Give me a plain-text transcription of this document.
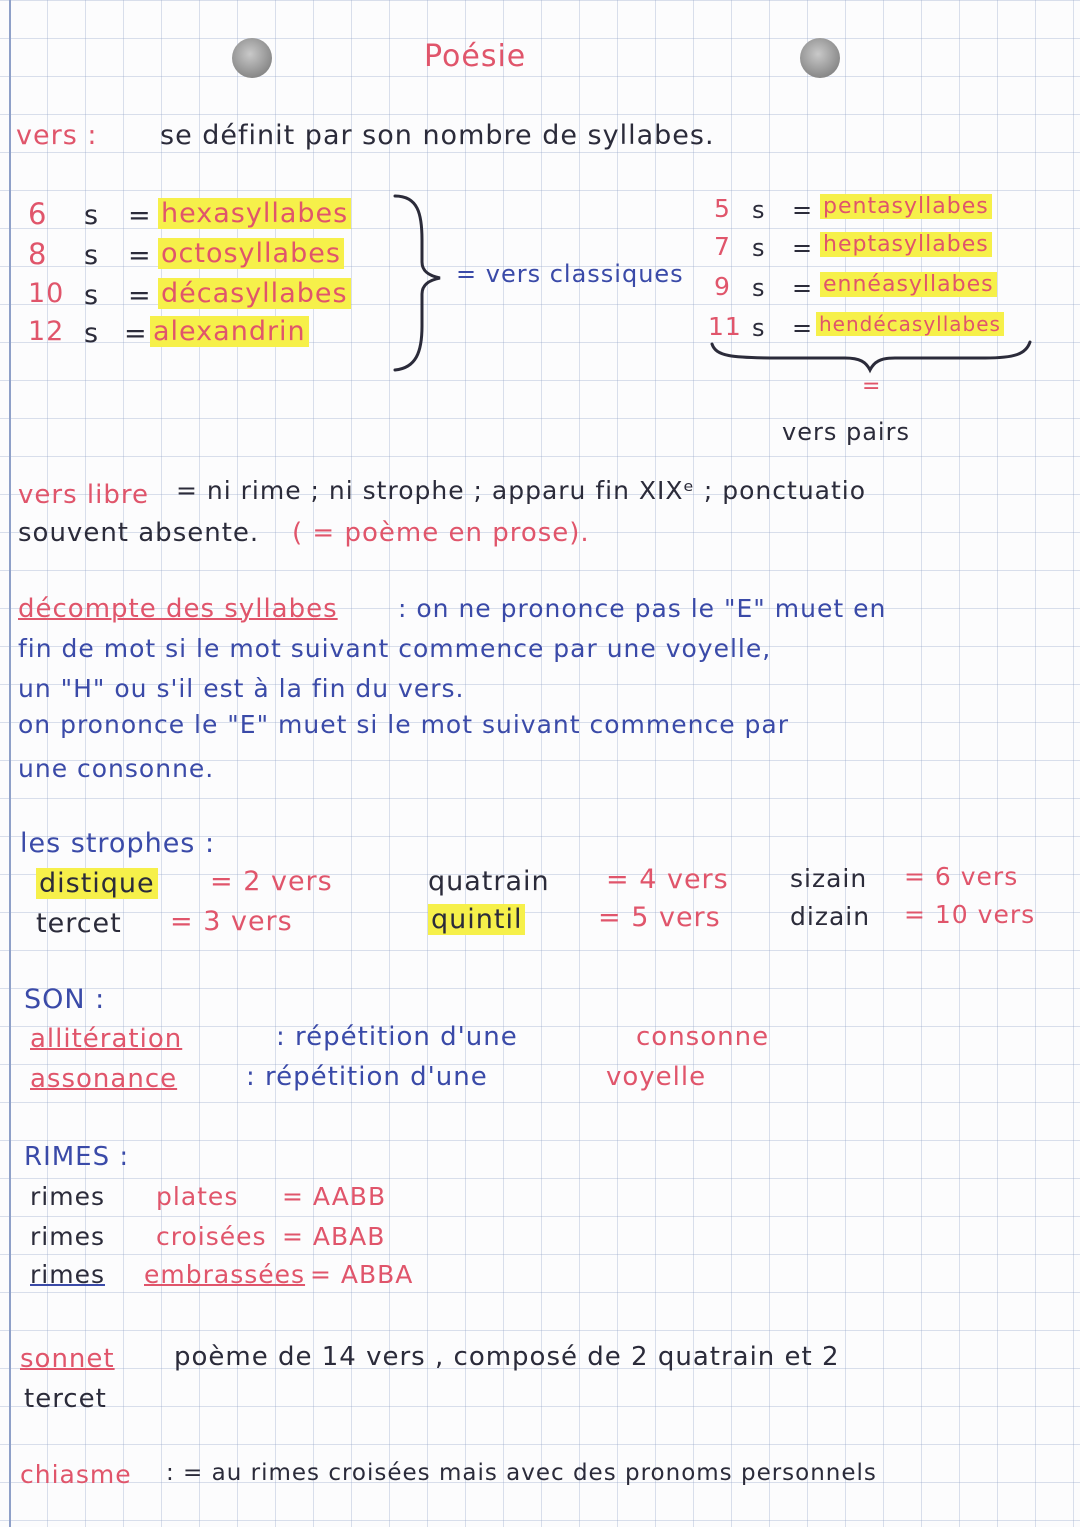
Poésie
vers : se définit par son nombre de syllabes.
6 s = hexasyllabes
8 s = octosyllabes
10 s = décasyllabes
12 s = alexandrin
= vers classiques
5 s = pentasyllabes
7 s = heptasyllabes
9 s = ennéasyllabes
11 s = hendécasyllabes
=
vers pairs
vers libre = ni rime ; ni strophe ; apparu fin XIXᵉ ; ponctuatio
souvent absente. ( = poème en prose).
décompte des syllabes : on ne prononce pas le "E" muet en
fin de mot si le mot suivant commence par une voyelle,
un "H" ou s'il est à la fin du vers.
on prononce le "E" muet si le mot suivant commence par
une consonne.
les strophes :
distique = 2 vers
tercet = 3 vers
quatrain = 4 vers
quintil	= 5 vers
sizain = 6 vers
dizain = 10 vers
SON :
allitération	: répétition d'une	consonne
assonance	: répétition d'une	voyelle
RIMES :
rimes plates = AABB
rimes croisées = ABAB
rimes embrassées = ABBA
sonnet poème de 14 vers , composé de 2 quatrain et 2
tercet
chiasme : = au rimes croisées mais avec des pronoms personnels
